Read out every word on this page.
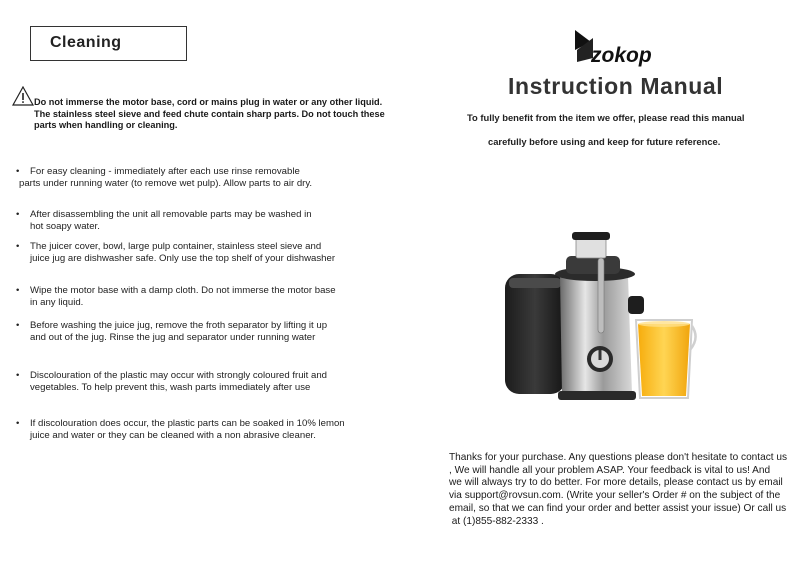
Cleaning
Do not immerse the motor base, cord or mains plug in water or any other liquid.
The stainless steel sieve and feed chute contain sharp parts. Do not touch these
parts when handling or cleaning.
• For easy cleaning - immediately after each use rinse removable
parts under running water (to remove wet pulp). Allow parts to air dry.
• After disassembling the unit all removable parts may be washed in
hot soapy water.
• The juicer cover, bowl, large pulp container, stainless steel sieve and
juice jug are dishwasher safe. Only use the top shelf of your dishwasher
• Wipe the motor base with a damp cloth. Do not immerse the motor base
in any liquid.
• Before washing the juice jug, remove the froth separator by lifting it up
and out of the jug. Rinse the jug and separator under running water
• Discolouration of the plastic may occur with strongly coloured fruit and
vegetables. To help prevent this, wash parts immediately after use
• If discolouration does occur, the plastic parts can be soaked in 10% lemon
juice and water or they can be cleaned with a non abrasive cleaner.
zokop
Instruction Manual
To fully benefit from the item we offer, please read this manual
carefully before using and keep for future reference.
Thanks for your purchase. Any questions please don't hesitate to contact us
, We will handle all your problem ASAP. Your feedback is vital to us! And
we will always try to do better. For more details, please contact us by email
via support@rovsun.com. (Write your seller's Order # on the subject of the
email, so that we can find your order and better assist your issue) Or call us
at (1)855-882-2333 .
